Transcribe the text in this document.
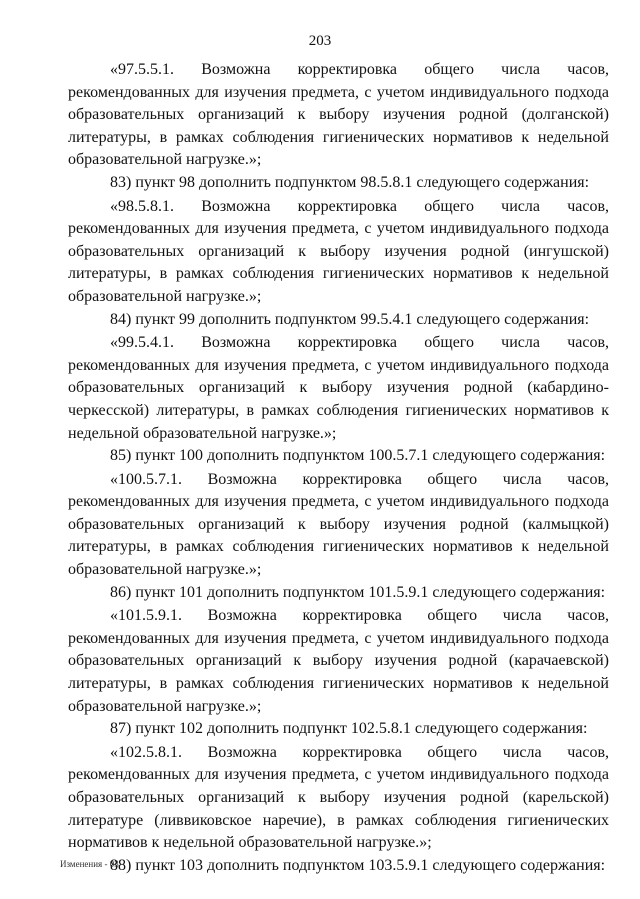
203

«97.5.5.1. Возможна корректировка общего числа часов, рекомендованных для изучения предмета, с учетом индивидуального подхода образовательных организаций к выбору изучения родной (долганской) литературы, в рамках соблюдения гигиенических нормативов к недельной образовательной нагрузке.»;

83) пункт 98 дополнить подпунктом 98.5.8.1 следующего содержания:

«98.5.8.1. Возможна корректировка общего числа часов, рекомендованных для изучения предмета, с учетом индивидуального подхода образовательных организаций к выбору изучения родной (ингушской) литературы, в рамках соблюдения гигиенических нормативов к недельной образовательной нагрузке.»;

84) пункт 99 дополнить подпунктом 99.5.4.1 следующего содержания:

«99.5.4.1. Возможна корректировка общего числа часов, рекомендованных для изучения предмета, с учетом индивидуального подхода образовательных организаций к выбору изучения родной (кабардино-черкесской) литературы, в рамках соблюдения гигиенических нормативов к недельной образовательной нагрузке.»;

85) пункт 100 дополнить подпунктом 100.5.7.1 следующего содержания:

«100.5.7.1. Возможна корректировка общего числа часов, рекомендованных для изучения предмета, с учетом индивидуального подхода образовательных организаций к выбору изучения родной (калмыцкой) литературы, в рамках соблюдения гигиенических нормативов к недельной образовательной нагрузке.»;

86) пункт 101 дополнить подпунктом 101.5.9.1 следующего содержания:

«101.5.9.1. Возможна корректировка общего числа часов, рекомендованных для изучения предмета, с учетом индивидуального подхода образовательных организаций к выбору изучения родной (карачаевской) литературы, в рамках соблюдения гигиенических нормативов к недельной образовательной нагрузке.»;

87) пункт 102 дополнить подпункт 102.5.8.1 следующего содержания:

«102.5.8.1. Возможна корректировка общего числа часов, рекомендованных для изучения предмета, с учетом индивидуального подхода образовательных организаций к выбору изучения родной (карельской) литературе (ливвиковское наречие), в рамках соблюдения гигиенических нормативов к недельной образовательной нагрузке.»;

88) пункт 103 дополнить подпунктом 103.5.9.1 следующего содержания:

Изменения - 03
